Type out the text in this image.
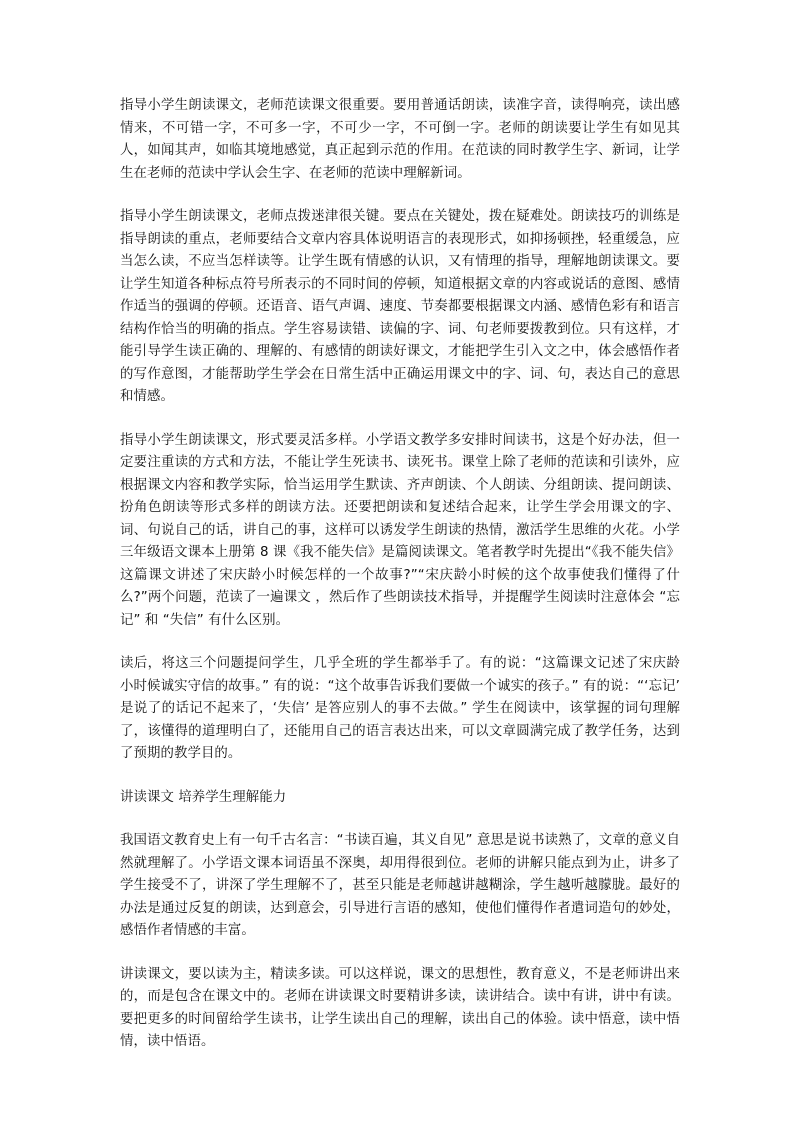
指导小学生朗读课文，老师范读课文很重要。要用普通话朗读，读准字音，读得响亮，读出感情来，不可错一字，不可多一字，不可少一字，不可倒一字。老师的朗读要让学生有如见其人，如闻其声，如临其境地感觉，真正起到示范的作用。在范读的同时教学生字、新词，让学生在老师的范读中学认会生字、在老师的范读中理解新词。

指导小学生朗读课文，老师点拨迷津很关键。要点在关键处，拨在疑难处。朗读技巧的训练是指导朗读的重点，老师要结合文章内容具体说明语言的表现形式，如抑扬顿挫，轻重缓急，应当怎么读，不应当怎样读等。让学生既有情感的认识，又有情理的指导，理解地朗读课文。要让学生知道各种标点符号所表示的不同时间的停顿，知道根据文章的内容或说话的意图、感情作适当的强调的停顿。还语音、语气声调、速度、节奏都要根据课文内涵、感情色彩有和语言结构作恰当的明确的指点。学生容易读错、读偏的字、词、句老师要拨教到位。只有这样，才能引导学生读正确的、理解的、有感情的朗读好课文，才能把学生引入文之中，体会感悟作者的写作意图，才能帮助学生学会在日常生活中正确运用课文中的字、词、句，表达自己的意思和情感。

指导小学生朗读课文，形式要灵活多样。小学语文教学多安排时间读书，这是个好办法，但一定要注重读的方式和方法，不能让学生死读书、读死书。课堂上除了老师的范读和引读外，应根据课文内容和教学实际，恰当运用学生默读、齐声朗读、个人朗读、分组朗读、提问朗读、扮角色朗读等形式多样的朗读方法。还要把朗读和复述结合起来，让学生学会用课文的字、词、句说自己的话，讲自己的事，这样可以诱发学生朗读的热情，激活学生思维的火花。小学三年级语文课本上册第 8 课《我不能失信》是篇阅读课文。笔者教学时先提出“《我不能失信》这篇课文讲述了宋庆龄小时候怎样的一个故事?”“宋庆龄小时候的这个故事使我们懂得了什么?”两个问题，范读了一遍课文 ，然后作了些朗读技术指导，并提醒学生阅读时注意体会 “忘记” 和 “失信” 有什么区别。

读后，将这三个问题提问学生，几乎全班的学生都举手了。有的说：“这篇课文记述了宋庆龄小时候诚实守信的故事。” 有的说：“这个故事告诉我们要做一个诚实的孩子。” 有的说：“‘忘记’ 是说了的话记不起来了，‘失信’ 是答应别人的事不去做。” 学生在阅读中，该掌握的词句理解了，该懂得的道理明白了，还能用自己的语言表达出来，可以文章圆满完成了教学任务，达到了预期的教学目的。

讲读课文 培养学生理解能力

我国语文教育史上有一句千古名言：“书读百遍，其义自见” 意思是说书读熟了，文章的意义自然就理解了。小学语文课本词语虽不深奥，却用得很到位。老师的讲解只能点到为止，讲多了学生接受不了，讲深了学生理解不了，甚至只能是老师越讲越糊涂，学生越听越朦胧。最好的办法是通过反复的朗读，达到意会，引导进行言语的感知，使他们懂得作者遣词造句的妙处，感悟作者情感的丰富。

讲读课文，要以读为主，精读多读。可以这样说，课文的思想性，教育意义，不是老师讲出来的，而是包含在课文中的。老师在讲读课文时要精讲多读，读讲结合。读中有讲，讲中有读。要把更多的时间留给学生读书，让学生读出自己的理解，读出自己的体验。读中悟意，读中悟情，读中悟语。
